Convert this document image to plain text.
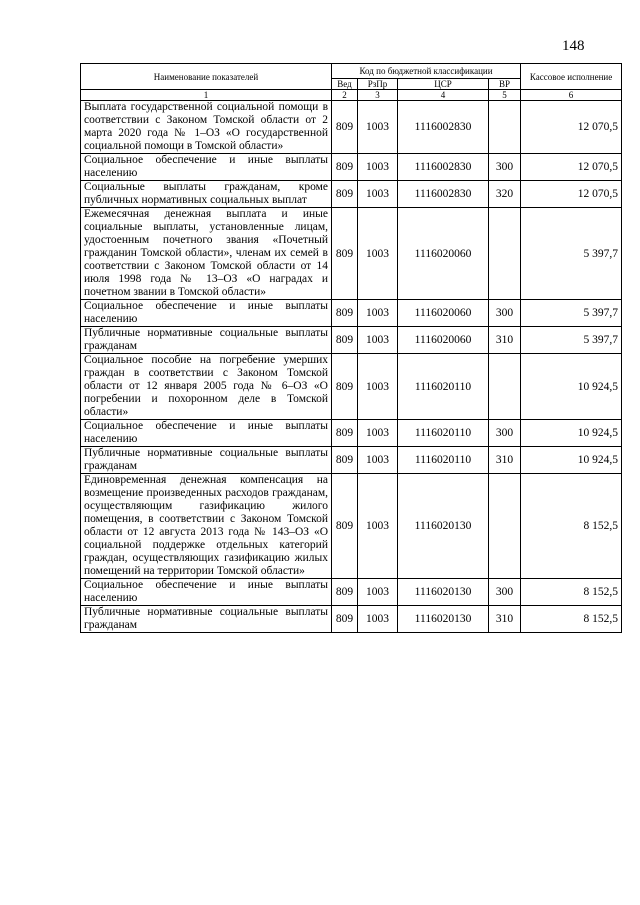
148
Наименование показателей	Код по бюджетной классификации				Кассовое исполнение
	Вед	РзПр	ЦСР	ВР	
1	2	3	4	5	6
Выплата государственной социальной помощи в соответствии с Законом Томской области от 2 марта 2020 года № 1–ОЗ «О государственной социальной помощи в Томской области»	809	1003	1116002830		12 070,5
Социальное обеспечение и иные выплаты населению	809	1003	1116002830	300	12 070,5
Социальные выплаты гражданам, кроме публичных нормативных социальных выплат	809	1003	1116002830	320	12 070,5
Ежемесячная денежная выплата и иные социальные выплаты, установленные лицам, удостоенным почетного звания «Почетный гражданин Томской области», членам их семей в соответствии с Законом Томской области от 14 июля 1998 года № 13–ОЗ «О наградах и почетном звании в Томской области»	809	1003	1116020060		5 397,7
Социальное обеспечение и иные выплаты населению	809	1003	1116020060	300	5 397,7
Публичные нормативные социальные выплаты гражданам	809	1003	1116020060	310	5 397,7
Социальное пособие на погребение умерших граждан в соответствии с Законом Томской области от 12 января 2005 года № 6–ОЗ «О погребении и похоронном деле в Томской области»	809	1003	1116020110		10 924,5
Социальное обеспечение и иные выплаты населению	809	1003	1116020110	300	10 924,5
Публичные нормативные социальные выплаты гражданам	809	1003	1116020110	310	10 924,5
Единовременная денежная компенсация на возмещение произведенных расходов гражданам, осуществляющим газификацию жилого помещения, в соответствии с Законом Томской области от 12 августа 2013 года № 143–ОЗ «О социальной поддержке отдельных категорий граждан, осуществляющих газификацию жилых помещений на территории Томской области»	809	1003	1116020130		8 152,5
Социальное обеспечение и иные выплаты населению	809	1003	1116020130	300	8 152,5
Публичные нормативные социальные выплаты гражданам	809	1003	1116020130	310	8 152,5
